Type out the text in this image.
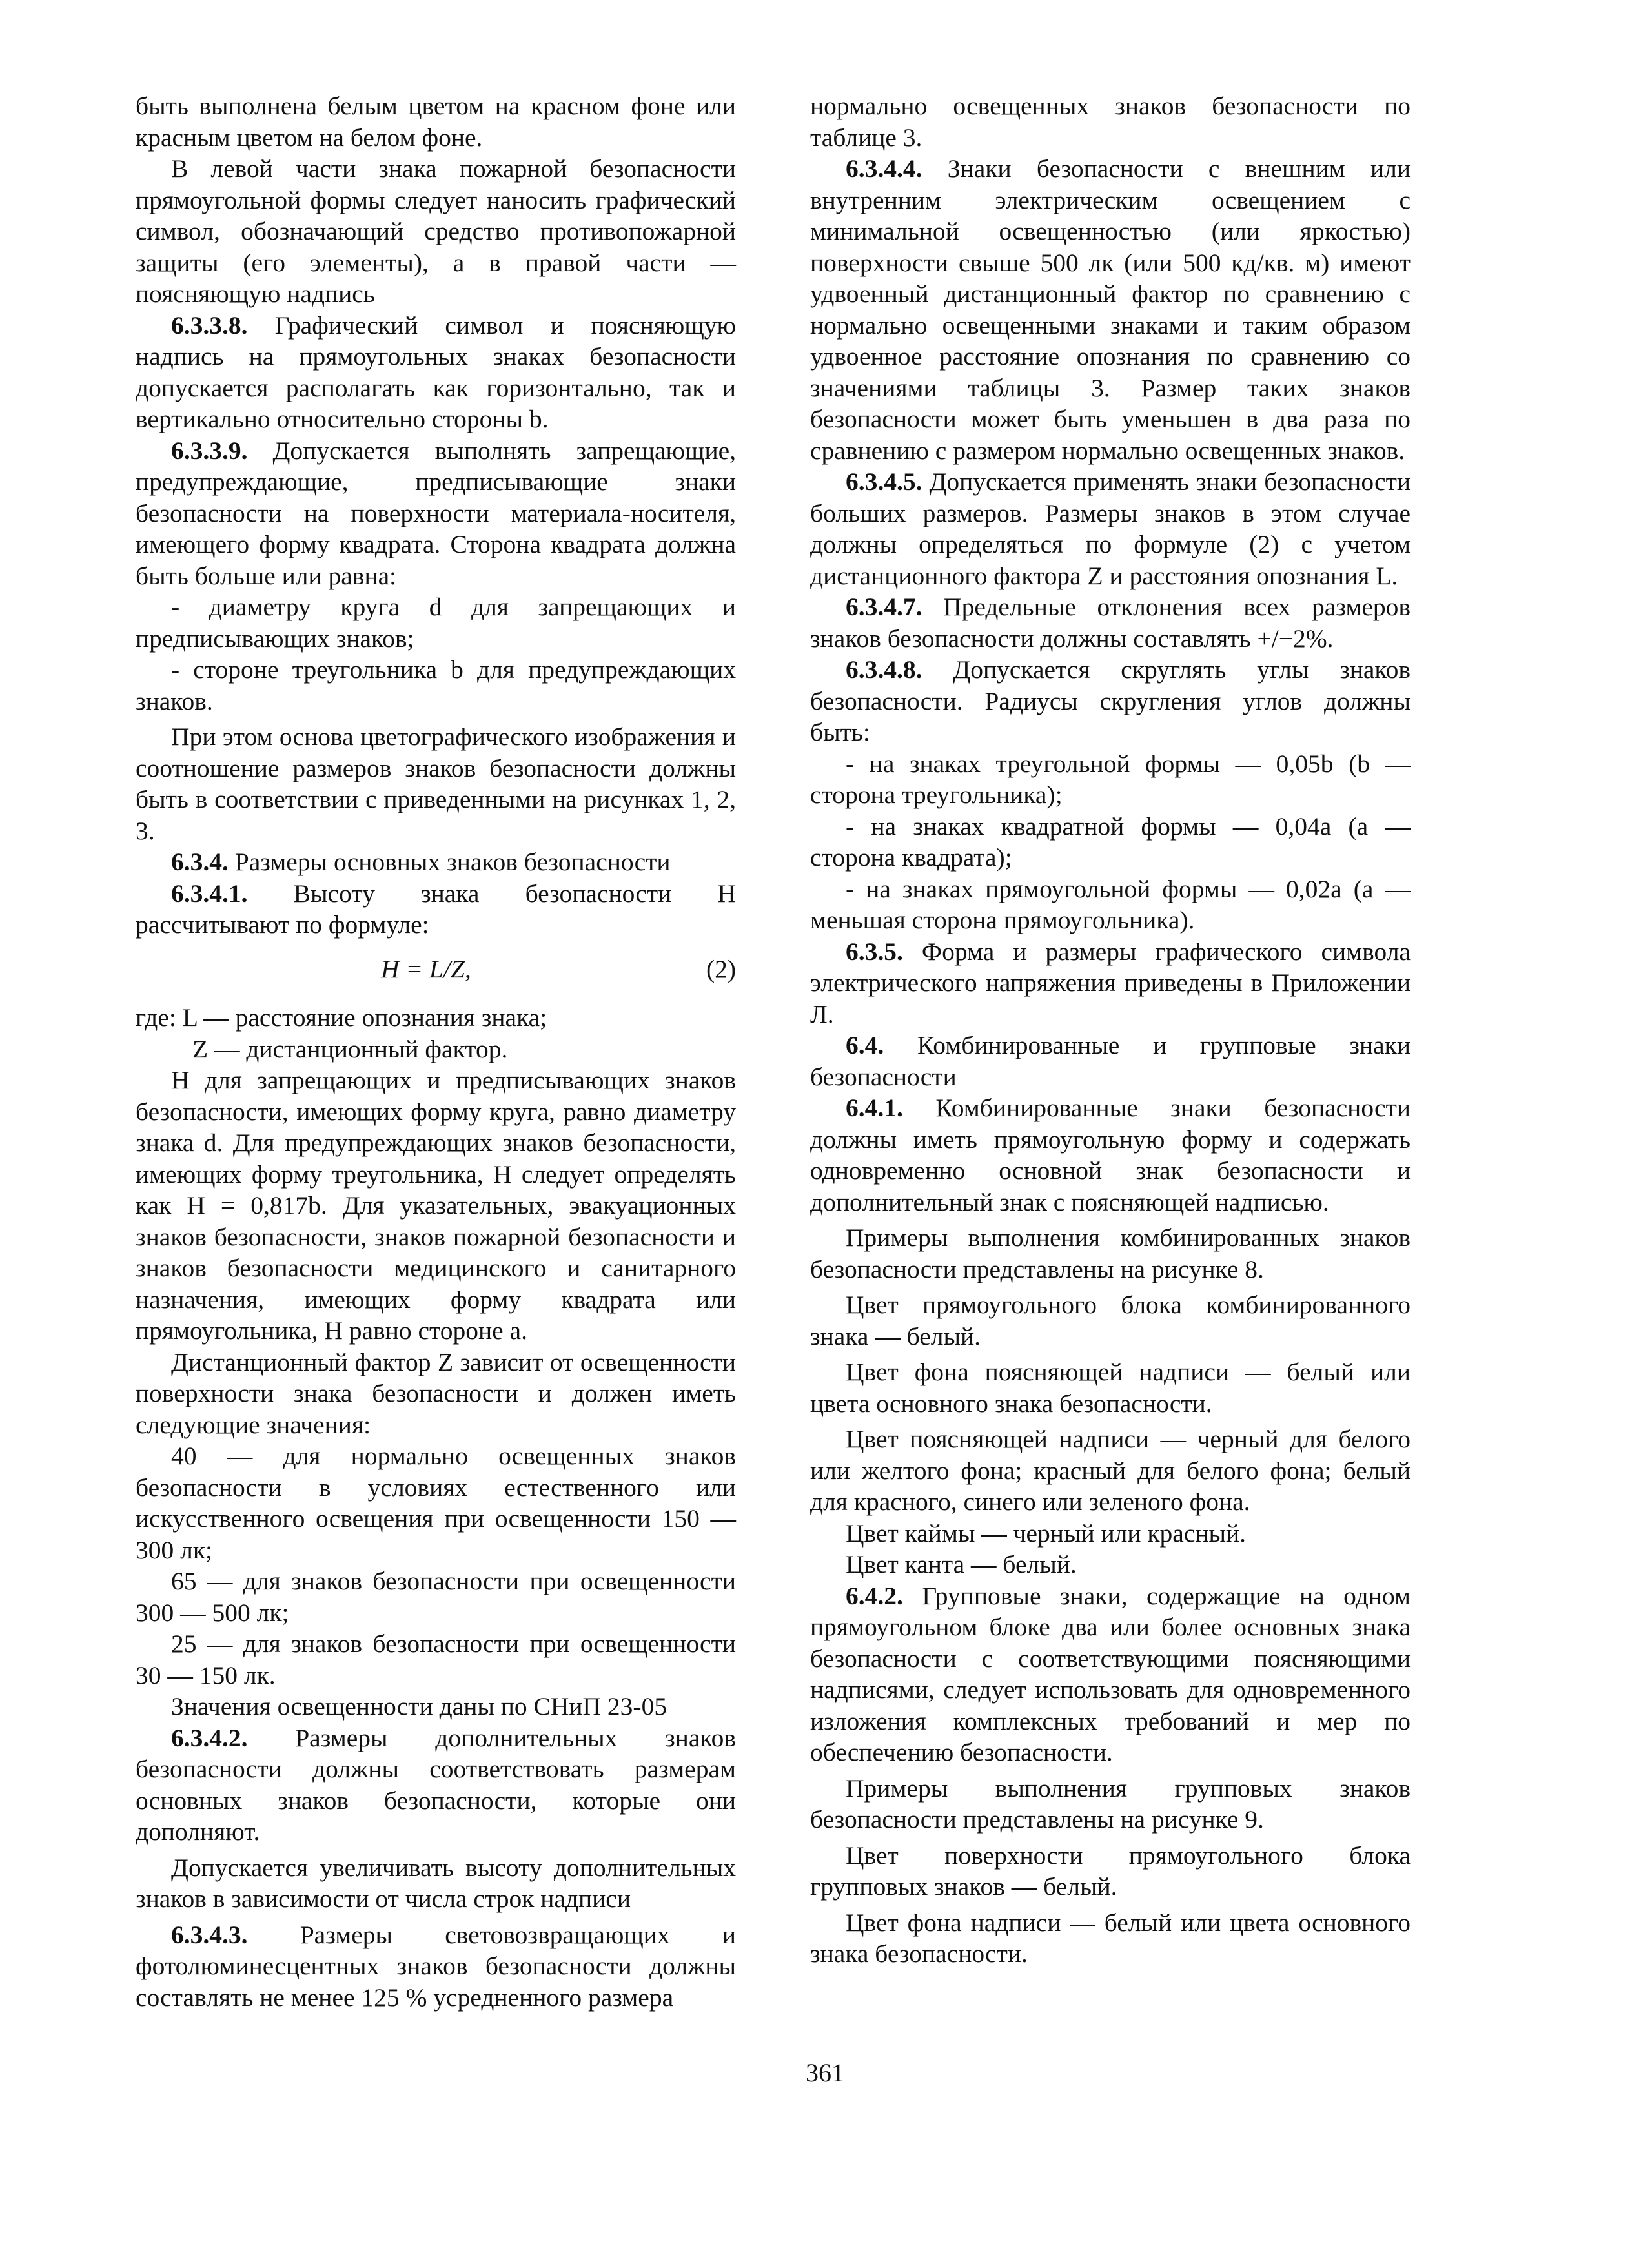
быть выполнена белым цветом на красном фоне или красным цветом на белом фоне.

В левой части знака пожарной безопасности прямоугольной формы следует наносить графический символ, обозначающий средство противопожарной защиты (его элементы), а в правой части — поясняющую надпись

6.3.3.8. Графический символ и поясняющую надпись на прямоугольных знаках безопасности допускается располагать как горизонтально, так и вертикально относительно стороны b.

6.3.3.9. Допускается выполнять запрещающие, предупреждающие, предписывающие знаки безопасности на поверхности материала-носителя, имеющего форму квадрата. Сторона квадрата должна быть больше или равна:

- диаметру круга d для запрещающих и предписывающих знаков;

- стороне треугольника b для предупреждающих знаков.

При этом основа цветографического изображения и соотношение размеров знаков безопасности должны быть в соответствии с приведенными на рисунках 1, 2, 3.

6.3.4. Размеры основных знаков безопасности

6.3.4.1. Высоту знака безопасности H рассчитывают по формуле:

H = L/Z,	(2)

где: L — расстояние опознания знака;

Z — дистанционный фактор.

H для запрещающих и предписывающих знаков безопасности, имеющих форму круга, равно диаметру знака d. Для предупреждающих знаков безопасности, имеющих форму треугольника, H следует определять как H = 0,817b. Для указательных, эвакуационных знаков безопасности, знаков пожарной безопасности и знаков безопасности медицинского и санитарного назначения, имеющих форму квадрата или прямоугольника, H равно стороне a.

Дистанционный фактор Z зависит от освещенности поверхности знака безопасности и должен иметь следующие значения:

40 — для нормально освещенных знаков безопасности в условиях естественного или искусственного освещения при освещенности 150 — 300 лк;

65 — для знаков безопасности при освещенности 300 — 500 лк;

25 — для знаков безопасности при освещенности 30 — 150 лк.

Значения освещенности даны по СНиП 23-05

6.3.4.2. Размеры дополнительных знаков безопасности должны соответствовать размерам основных знаков безопасности, которые они дополняют.

Допускается увеличивать высоту дополнительных знаков в зависимости от числа строк надписи

6.3.4.3. Размеры световозвращающих и фотолюминесцентных знаков безопасности должны составлять не менее 125 % усредненного размера

нормально освещенных знаков безопасности по таблице 3.

6.3.4.4. Знаки безопасности с внешним или внутренним электрическим освещением с минимальной освещенностью (или яркостью) поверхности свыше 500 лк (или 500 кд/кв. м) имеют удвоенный дистанционный фактор по сравнению с нормально освещенными знаками и таким образом удвоенное расстояние опознания по сравнению со значениями таблицы 3. Размер таких знаков безопасности может быть уменьшен в два раза по сравнению с размером нормально освещенных знаков.

6.3.4.5. Допускается применять знаки безопасности больших размеров. Размеры знаков в этом случае должны определяться по формуле (2) с учетом дистанционного фактора Z и расстояния опознания L.

6.3.4.7. Предельные отклонения всех размеров знаков безопасности должны составлять +/−2%.

6.3.4.8. Допускается скруглять углы знаков безопасности. Радиусы скругления углов должны быть:

- на знаках треугольной формы — 0,05b (b — сторона треугольника);

- на знаках квадратной формы — 0,04a (a — сторона квадрата);

- на знаках прямоугольной формы — 0,02a (a — меньшая сторона прямоугольника).

6.3.5. Форма и размеры графического символа электрического напряжения приведены в Приложении Л.

6.4. Комбинированные и групповые знаки безопасности

6.4.1. Комбинированные знаки безопасности должны иметь прямоугольную форму и содержать одновременно основной знак безопасности и дополнительный знак с поясняющей надписью.

Примеры выполнения комбинированных знаков безопасности представлены на рисунке 8.

Цвет прямоугольного блока комбинированного знака — белый.

Цвет фона поясняющей надписи — белый или цвета основного знака безопасности.

Цвет поясняющей надписи — черный для белого или желтого фона; красный для белого фона; белый для красного, синего или зеленого фона.

Цвет каймы — черный или красный.

Цвет канта — белый.

6.4.2. Групповые знаки, содержащие на одном прямоугольном блоке два или более основных знака безопасности с соответствующими поясняющими надписями, следует использовать для одновременного изложения комплексных требований и мер по обеспечению безопасности.

Примеры выполнения групповых знаков безопасности представлены на рисунке 9.

Цвет поверхности прямоугольного блока групповых знаков — белый.

Цвет фона надписи — белый или цвета основного знака безопасности.

361
